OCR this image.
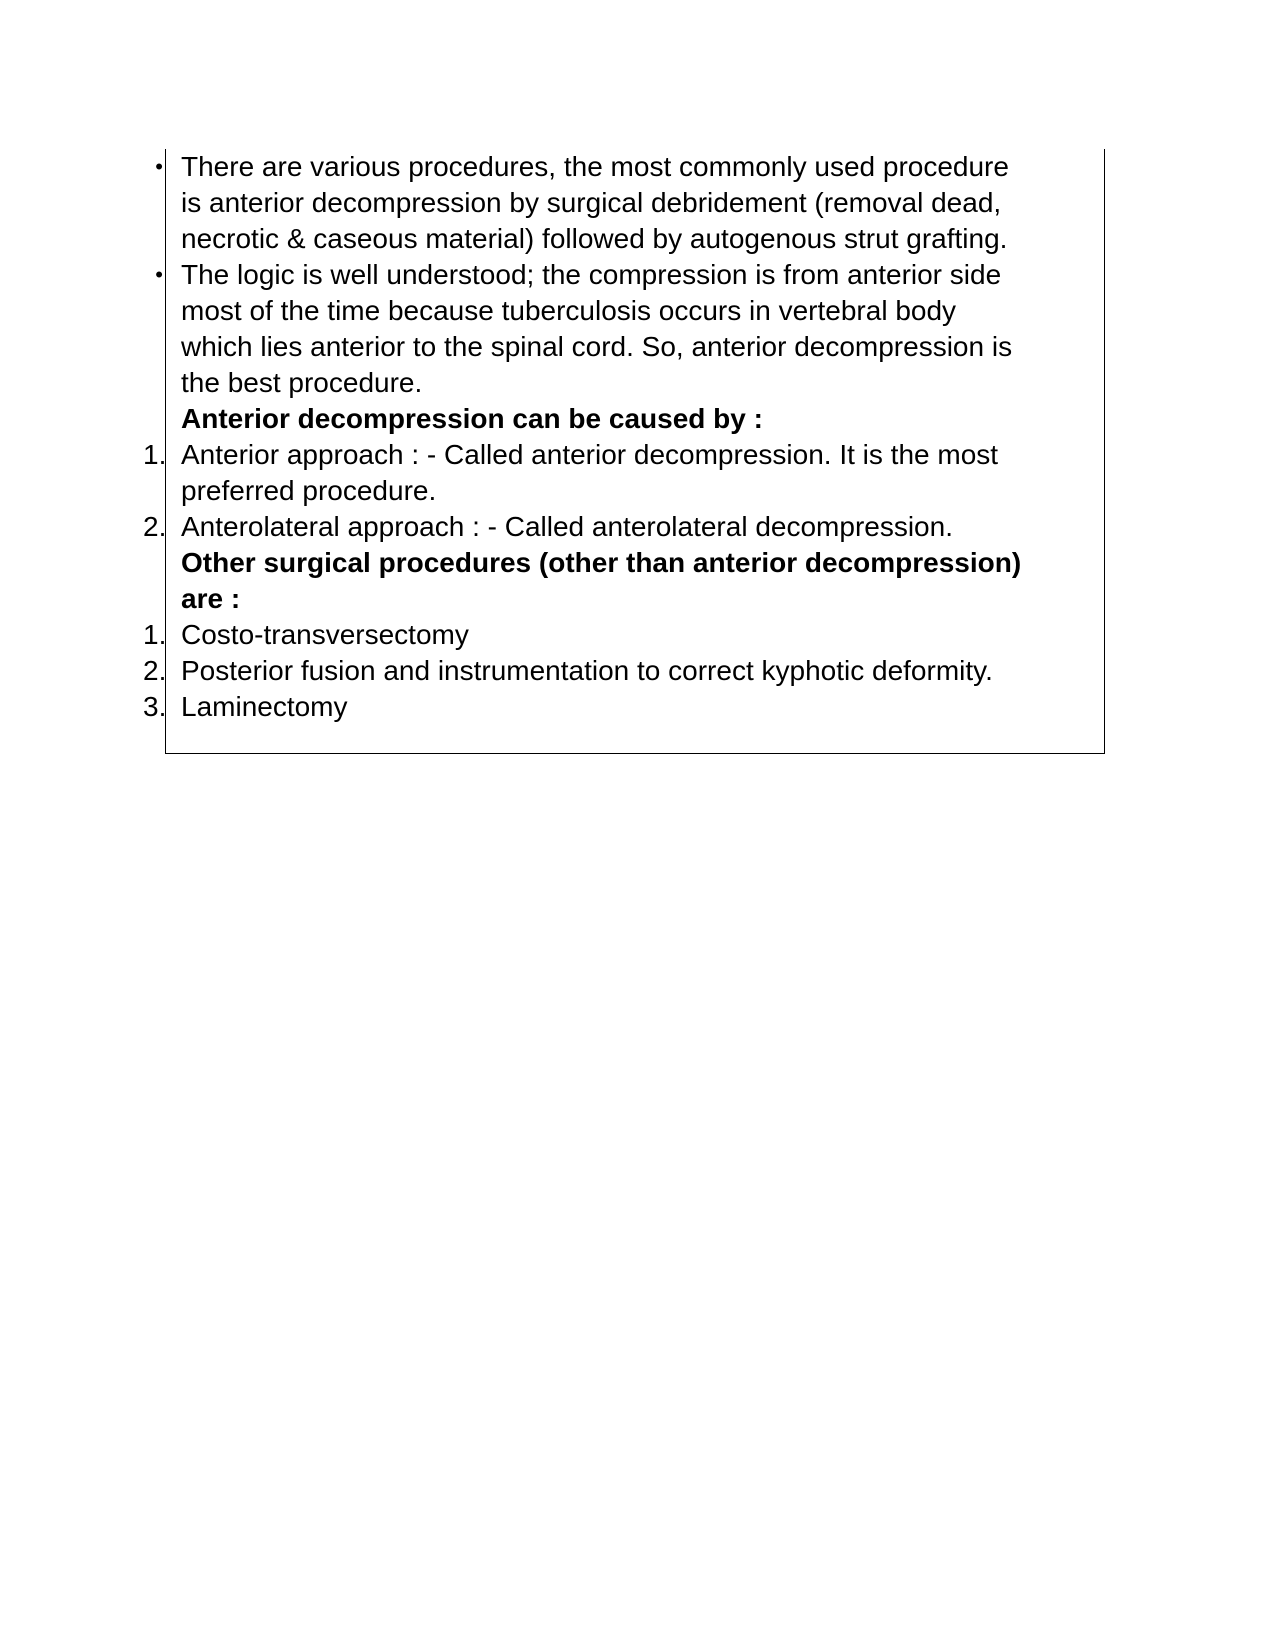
• There are various procedures, the most commonly used procedure
is anterior decompression by surgical debridement (removal dead,
necrotic & caseous material) followed by autogenous strut grafting.
• The logic is well understood; the compression is from anterior side
most of the time because tuberculosis occurs in vertebral body
which lies anterior to the spinal cord. So, anterior decompression is
the best procedure.
Anterior decompression can be caused by :
1. Anterior approach : - Called anterior decompression. It is the most
preferred procedure.
2. Anterolateral approach : - Called anterolateral decompression.
Other surgical procedures (other than anterior decompression)
are :
1. Costo-transversectomy
2. Posterior fusion and instrumentation to correct kyphotic deformity.
3. Laminectomy
